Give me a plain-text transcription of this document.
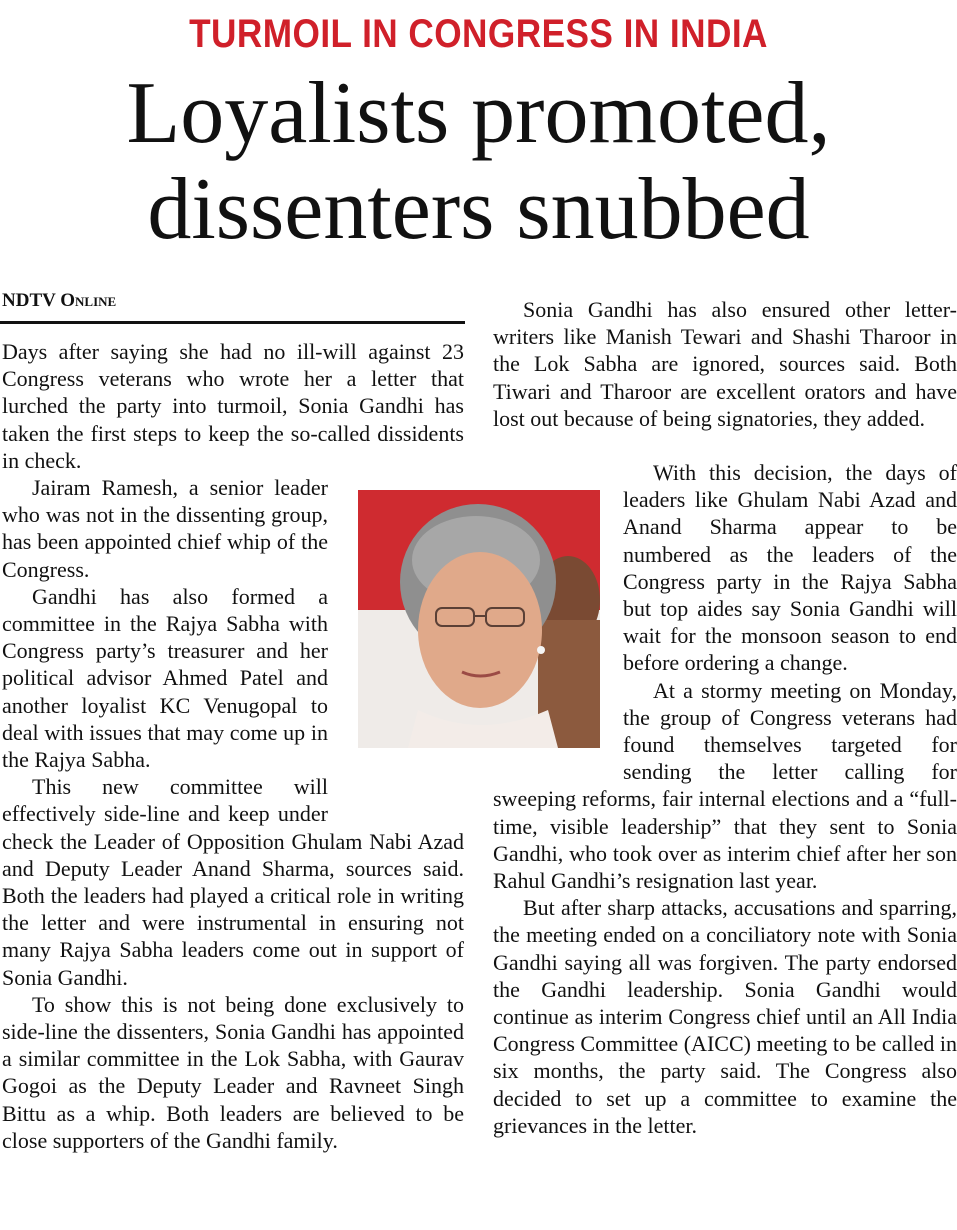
TURMOIL IN CONGRESS IN INDIA
Loyalists promoted,
dissenters snubbed
NDTV Online

Days after saying she had no ill-will against 23 Congress veterans who wrote her a letter that lurched the party into turmoil, Sonia Gandhi has taken the first steps to keep the so-called dissidents in check.

Jairam Ramesh, a senior leader who was not in the dissenting group, has been appointed chief whip of the Congress.

Gandhi has also formed a committee in the Rajya Sabha with Congress party’s treasurer and her political advisor Ahmed Patel and another loyalist KC Venugopal to deal with issues that may come up in the Rajya Sabha.

This new committee will effectively side-line and keep under check the Leader of Opposition Ghulam Nabi Azad and Deputy Leader Anand Sharma, sources said. Both the leaders had played a critical role in writing the letter and were instrumental in ensuring not many Rajya Sabha leaders come out in support of Sonia Gandhi.

To show this is not being done exclusively to side-line the dissenters, Sonia Gandhi has appointed a similar committee in the Lok Sabha, with Gaurav Gogoi as the Deputy Leader and Ravneet Singh Bittu as a whip. Both leaders are believed to be close supporters of the Gandhi family.

Sonia Gandhi has also ensured other letter-writers like Manish Tewari and Shashi Tharoor in the Lok Sabha are ignored, sources said. Both Tiwari and Tharoor are excellent orators and have lost out because of being signatories, they added.

With this decision, the days of leaders like Ghulam Nabi Azad and Anand Sharma appear to be numbered as the leaders of the Congress party in the Rajya Sabha but top aides say Sonia Gandhi will wait for the monsoon season to end before ordering a change.

At a stormy meeting on Monday, the group of Congress veterans had found themselves targeted for sending the letter calling for sweeping reforms, fair internal elections and a “full-time, visible leadership” that they sent to Sonia Gandhi, who took over as interim chief after her son Rahul Gandhi’s resignation last year.

But after sharp attacks, accusations and sparring, the meeting ended on a conciliatory note with Sonia Gandhi saying all was forgiven. The party endorsed the Gandhi leadership. Sonia Gandhi would continue as interim Congress chief until an All India Congress Committee (AICC) meeting to be called in six months, the party said. The Congress also decided to set up a committee to examine the grievances in the letter.
